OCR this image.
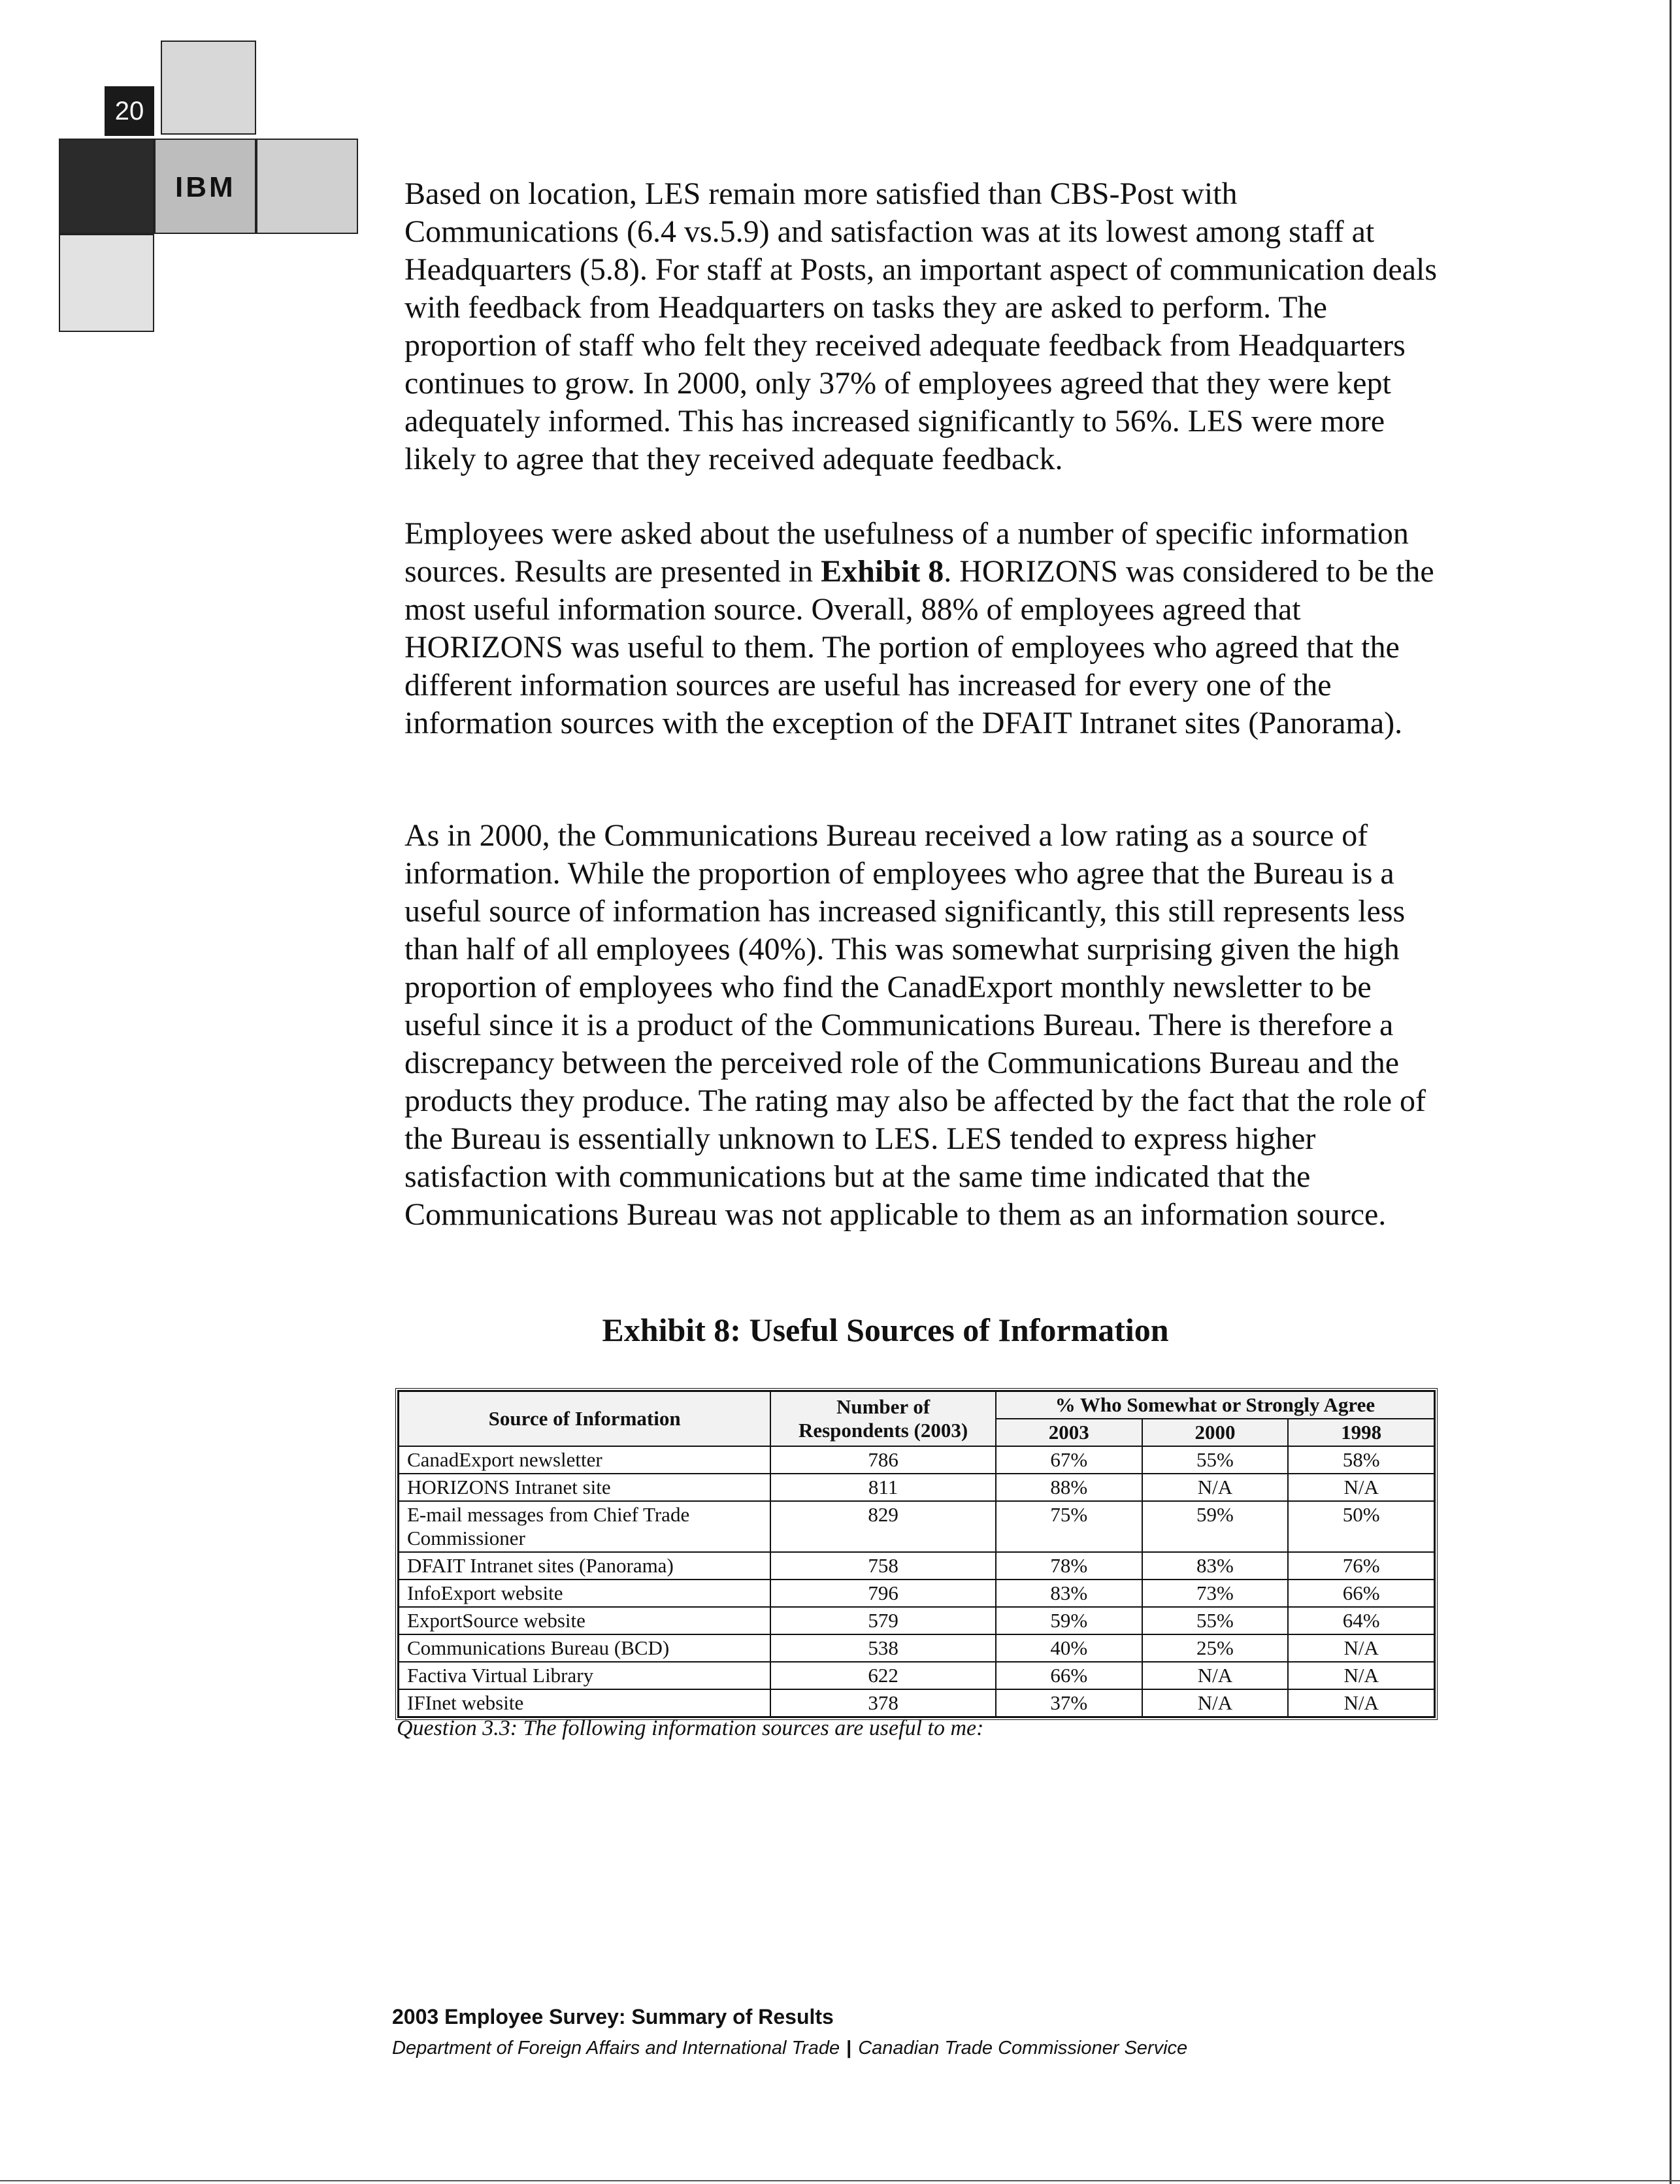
20
IBM	Based on location, LES remain more satisfied than CBS-Post with Communications (6.4 vs.5.9) and satisfaction was at its lowest among staff at Headquarters (5.8). For staff at Posts, an important aspect of communication deals with feedback from Headquarters on tasks they are asked to perform. The proportion of staff who felt they received adequate feedback from Headquarters continues to grow. In 2000, only 37% of employees agreed that they were kept adequately informed. This has increased significantly to 56%. LES were more likely to agree that they received adequate feedback.

Employees were asked about the usefulness of a number of specific information sources. Results are presented in Exhibit 8. HORIZONS was considered to be the most useful information source. Overall, 88% of employees agreed that HORIZONS was useful to them. The portion of employees who agreed that the different information sources are useful has increased for every one of the information sources with the exception of the DFAIT Intranet sites (Panorama).

As in 2000, the Communications Bureau received a low rating as a source of information. While the proportion of employees who agree that the Bureau is a useful source of information has increased significantly, this still represents less than half of all employees (40%). This was somewhat surprising given the high proportion of employees who find the CanadExport monthly newsletter to be useful since it is a product of the Communications Bureau. There is therefore a discrepancy between the perceived role of the Communications Bureau and the products they produce. The rating may also be affected by the fact that the role of the Bureau is essentially unknown to LES. LES tended to express higher satisfaction with communications but at the same time indicated that the Communications Bureau was not applicable to them as an information source.

Exhibit 8: Useful Sources of Information
Source of Information	Number of Respondents (2003)	% Who Somewhat or Strongly Agree		
		2003	2000	1998
CanadExport newsletter	786	67%	55%	58%
HORIZONS Intranet site	811	88%	N/A	N/A
E-mail messages from Chief Trade Commissioner	829	75%	59%	50%
DFAIT Intranet sites (Panorama)	758	78%	83%	76%
InfoExport website	796	83%	73%	66%
ExportSource website	579	59%	55%	64%
Communications Bureau (BCD)	538	40%	25%	N/A
Factiva Virtual Library	622	66%	N/A	N/A
IFInet website	378	37%	N/A	N/A

Question 3.3: The following information sources are useful to me:

2003 Employee Survey: Summary of Results

Department of Foreign Affairs and International Trade | Canadian Trade Commissioner Service
